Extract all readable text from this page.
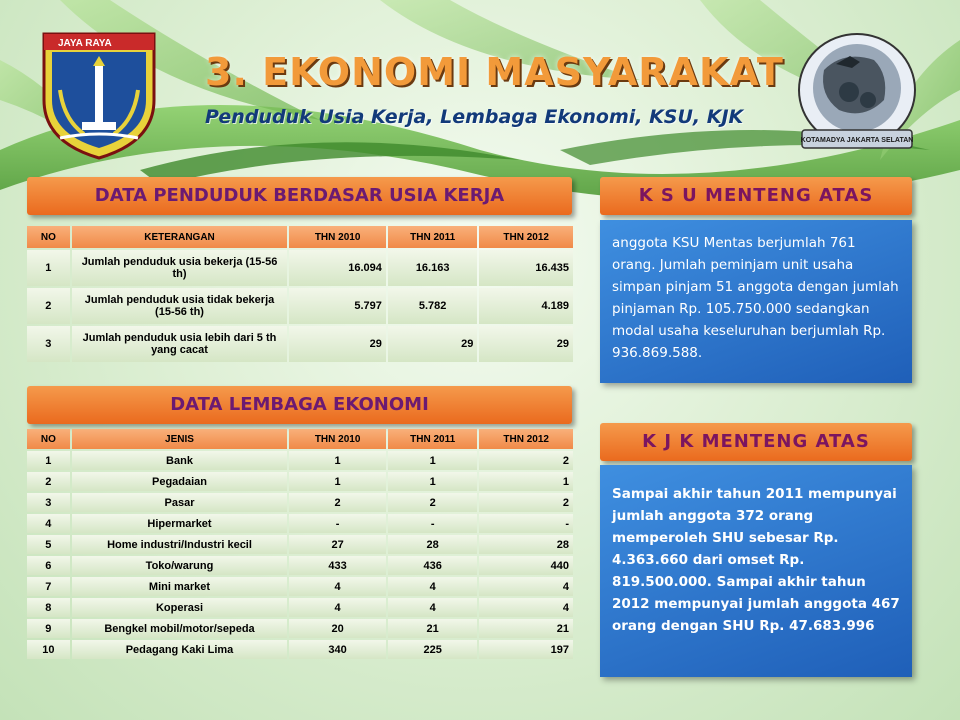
JAYA RAYA
KOTAMADYA JAKARTA SELATAN
3. EKONOMI MASYARAKAT
Penduduk Usia Kerja, Lembaga Ekonomi, KSU, KJK
DATA PENDUDUK BERDASAR USIA KERJA
NO	KETERANGAN	THN 2010	THN 2011	THN 2012
1	Jumlah penduduk usia bekerja (15-56 th)	16.094	16.163	16.435
2	Jumlah penduduk usia tidak bekerja (15-56 th)	5.797	5.782	4.189
3	Jumlah penduduk usia lebih dari 5 th yang cacat	29	29	29
DATA LEMBAGA EKONOMI
NO	JENIS	THN 2010	THN 2011	THN 2012
1	Bank	1	1	2
2	Pegadaian	1	1	1
3	Pasar	2	2	2
4	Hipermarket	-	-	-
5	Home industri/Industri kecil	27	28	28
6	Toko/warung	433	436	440
7	Mini market	4	4	4
8	Koperasi	4	4	4
9	Bengkel mobil/motor/sepeda	20	21	21
10	Pedagang Kaki Lima	340	225	197
K S U MENTENG ATAS
anggota KSU Mentas berjumlah 761 orang. Jumlah peminjam unit usaha simpan pinjam 51 anggota dengan jumlah pinjaman Rp. 105.750.000 sedangkan modal usaha keseluruhan berjumlah Rp. 936.869.588.
K J K MENTENG ATAS
Sampai akhir tahun 2011 mempunyai jumlah anggota 372 orang memperoleh SHU sebesar Rp. 4.363.660 dari omset Rp. 819.500.000. Sampai akhir tahun 2012 mempunyai jumlah anggota 467 orang dengan SHU Rp. 47.683.996
